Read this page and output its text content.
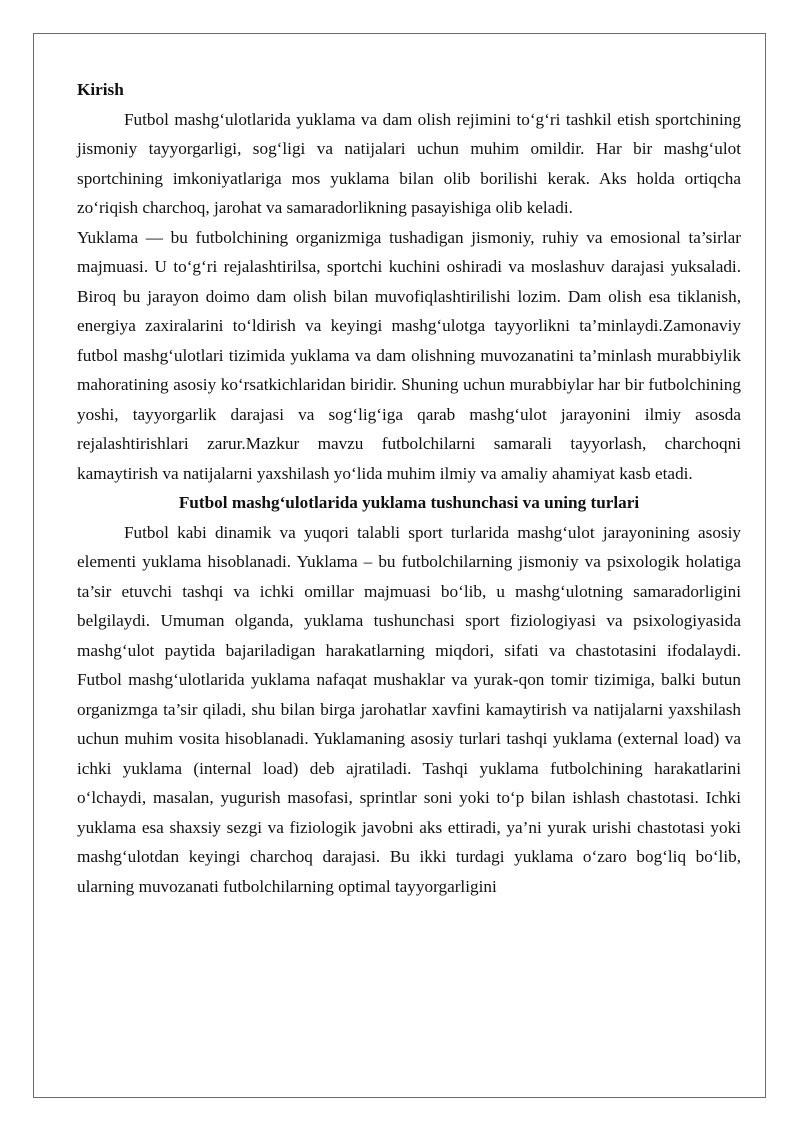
Kirish

Futbol mashg‘ulotlarida yuklama va dam olish rejimini to‘g‘ri tashkil etish sportchining jismoniy tayyorgarligi, sog‘ligi va natijalari uchun muhim omildir. Har bir mashg‘ulot sportchining imkoniyatlariga mos yuklama bilan olib borilishi kerak. Aks holda ortiqcha zo‘riqish charchoq, jarohat va samaradorlikning pasayishiga olib keladi.

Yuklama — bu futbolchining organizmiga tushadigan jismoniy, ruhiy va emosional ta’sirlar majmuasi. U to‘g‘ri rejalashtirilsa, sportchi kuchini oshiradi va moslashuv darajasi yuksaladi. Biroq bu jarayon doimo dam olish bilan muvofiqlashtirilishi lozim. Dam olish esa tiklanish, energiya zaxiralarini to‘ldirish va keyingi mashg‘ulotga tayyorlikni ta’minlaydi.Zamonaviy futbol mashg‘ulotlari tizimida yuklama va dam olishning muvozanatini ta’minlash murabbiylik mahoratining asosiy ko‘rsatkichlaridan biridir. Shuning uchun murabbiylar har bir futbolchining yoshi, tayyorgarlik darajasi va sog‘lig‘iga qarab mashg‘ulot jarayonini ilmiy asosda rejalashtirishlari zarur.Mazkur mavzu futbolchilarni samarali tayyorlash, charchoqni kamaytirish va natijalarni yaxshilash yo‘lida muhim ilmiy va amaliy ahamiyat kasb etadi.

Futbol mashg‘ulotlarida yuklama tushunchasi va uning turlari

Futbol kabi dinamik va yuqori talabli sport turlarida mashg‘ulot jarayonining asosiy elementi yuklama hisoblanadi. Yuklama – bu futbolchilarning jismoniy va psixologik holatiga ta’sir etuvchi tashqi va ichki omillar majmuasi bo‘lib, u mashg‘ulotning samaradorligini belgilaydi. Umuman olganda, yuklama tushunchasi sport fiziologiyasi va psixologiyasida mashg‘ulot paytida bajariladigan harakatlarning miqdori, sifati va chastotasini ifodalaydi. Futbol mashg‘ulotlarida yuklama nafaqat mushaklar va yurak-qon tomir tizimiga, balki butun organizmga ta’sir qiladi, shu bilan birga jarohatlar xavfini kamaytirish va natijalarni yaxshilash uchun muhim vosita hisoblanadi. Yuklamaning asosiy turlari tashqi yuklama (external load) va ichki yuklama (internal load) deb ajratiladi. Tashqi yuklama futbolchining harakatlarini o‘lchaydi, masalan, yugurish masofasi, sprintlar soni yoki to‘p bilan ishlash chastotasi. Ichki yuklama esa shaxsiy sezgi va fiziologik javobni aks ettiradi, ya’ni yurak urishi chastotasi yoki mashg‘ulotdan keyingi charchoq darajasi. Bu ikki turdagi yuklama o‘zaro bog‘liq bo‘lib, ularning muvozanati futbolchilarning optimal tayyorgarligini
